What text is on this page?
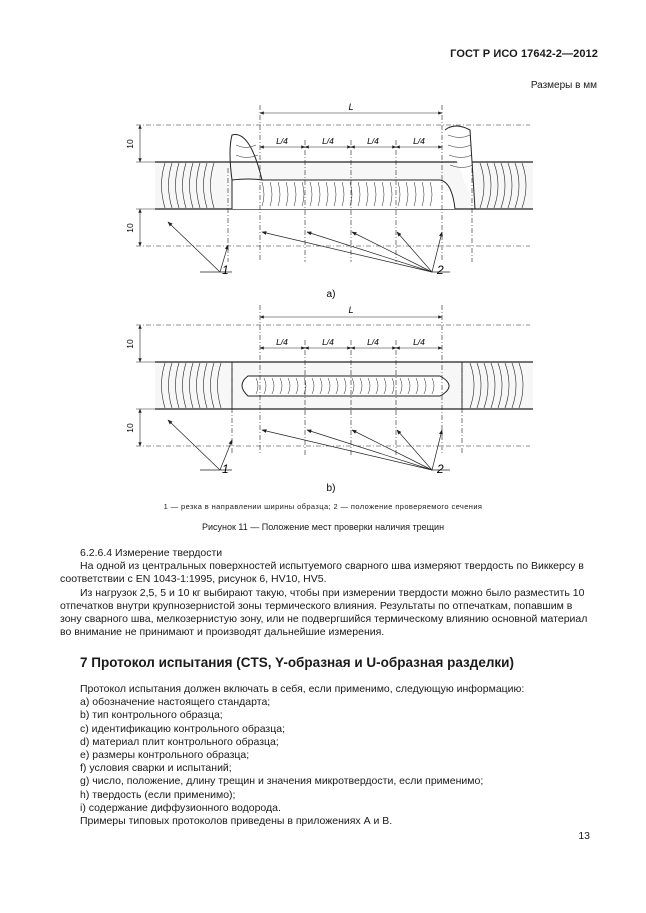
ГОСТ Р ИСО 17642-2—2012
Размеры в мм
L
L/4	L/4	L/4	L/4
10
10
1	2
a)
L
L/4	L/4	L/4	L/4
10
10
1	2
b)
1 — резка в направлении ширины образца; 2 — положение проверяемого сечения
Рисунок 11 — Положение мест проверки наличия трещин

6.2.6.4 Измерение твердости

На одной из центральных поверхностей испытуемого сварного шва измеряют твердость по Виккерсу в соответствии с EN 1043-1:1995, рисунок 6, HV10, HV5.

Из нагрузок 2,5, 5 и 10 кг выбирают такую, чтобы при измерении твердости можно было разместить 10 отпечатков внутри крупнозернистой зоны термического влияния. Результаты по отпечаткам, попавшим в зону сварного шва, мелкозернистую зону, или не подвергшийся термическому влиянию основной материал во внимание не принимают и производят дальнейшие измерения.

7 Протокол испытания (CTS, Y-образная и U-образная разделки)

Протокол испытания должен включать в себя, если применимо, следующую информацию:

a) обозначение настоящего стандарта;

b) тип контрольного образца;

c) идентификацию контрольного образца;

d) материал плит контрольного образца;

e) размеры контрольного образца;

f) условия сварки и испытаний;

g) число, положение, длину трещин и значения микротвердости, если применимо;

h) твердость (если применимо);

i) содержание диффузионного водорода.

Примеры типовых протоколов приведены в приложениях А и В.

13
